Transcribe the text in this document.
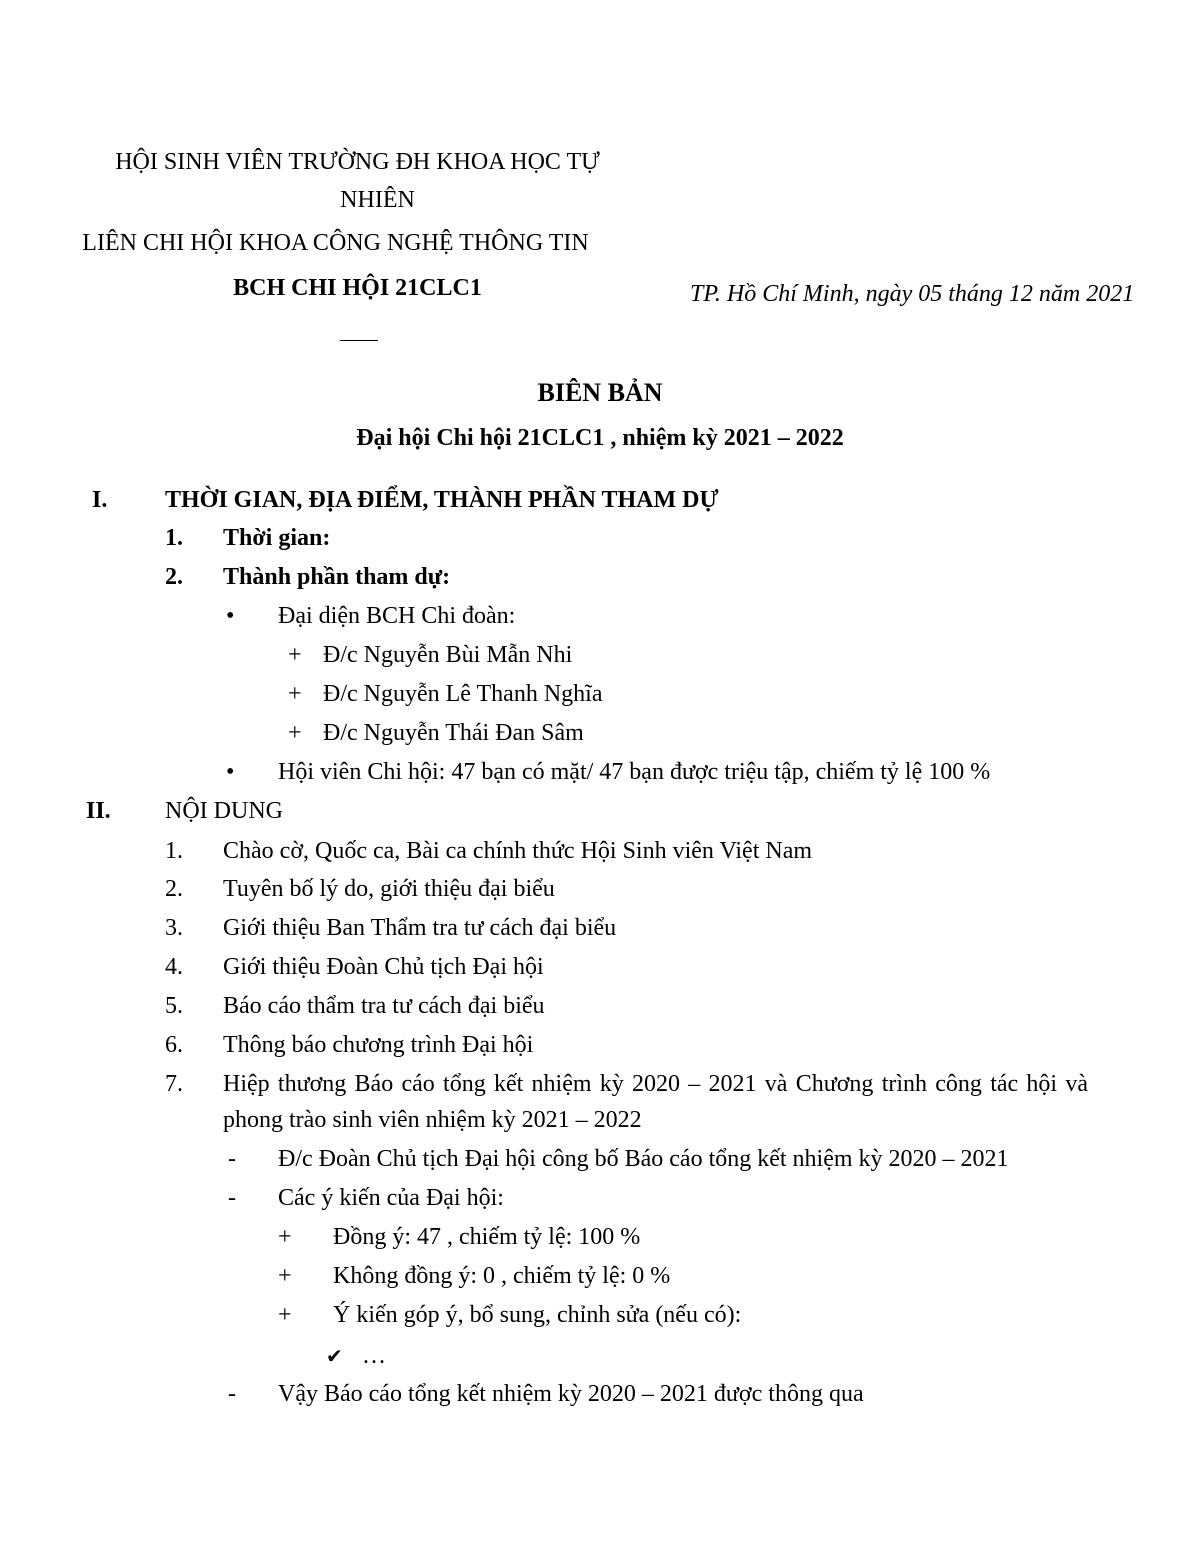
HỘI SINH VIÊN TRƯỜNG ĐH KHOA HỌC TỰ
NHIÊN
LIÊN CHI HỘI KHOA CÔNG NGHỆ THÔNG TIN
BCH CHI HỘI 21CLC1	TP. Hồ Chí Minh, ngày 05 tháng 12 năm 2021
BIÊN BẢN
Đại hội Chi hội 21CLC1 , nhiệm kỳ 2021 – 2022
I. THỜI GIAN, ĐỊA ĐIỂM, THÀNH PHẦN THAM DỰ
1. Thời gian:
2. Thành phần tham dự:
• Đại diện BCH Chi đoàn:
+ Đ/c Nguyễn Bùi Mẫn Nhi
+ Đ/c Nguyễn Lê Thanh Nghĩa
+ Đ/c Nguyễn Thái Đan Sâm
• Hội viên Chi hội: 47 bạn có mặt/ 47 bạn được triệu tập, chiếm tỷ lệ 100 %
II. NỘI DUNG
1. Chào cờ, Quốc ca, Bài ca chính thức Hội Sinh viên Việt Nam
2. Tuyên bố lý do, giới thiệu đại biểu
3. Giới thiệu Ban Thẩm tra tư cách đại biểu
4. Giới thiệu Đoàn Chủ tịch Đại hội
5. Báo cáo thẩm tra tư cách đại biểu
6. Thông báo chương trình Đại hội
7. Hiệp thương Báo cáo tổng kết nhiệm kỳ 2020 – 2021 và Chương trình công tác hội và phong trào sinh viên nhiệm kỳ 2021 – 2022
- Đ/c Đoàn Chủ tịch Đại hội công bố Báo cáo tổng kết nhiệm kỳ 2020 – 2021
- Các ý kiến của Đại hội:
+ Đồng ý: 47 , chiếm tỷ lệ: 100 %
+ Không đồng ý: 0 , chiếm tỷ lệ: 0 %
+ Ý kiến góp ý, bổ sung, chỉnh sửa (nếu có):
✔ …
- Vậy Báo cáo tổng kết nhiệm kỳ 2020 – 2021 được thông qua
